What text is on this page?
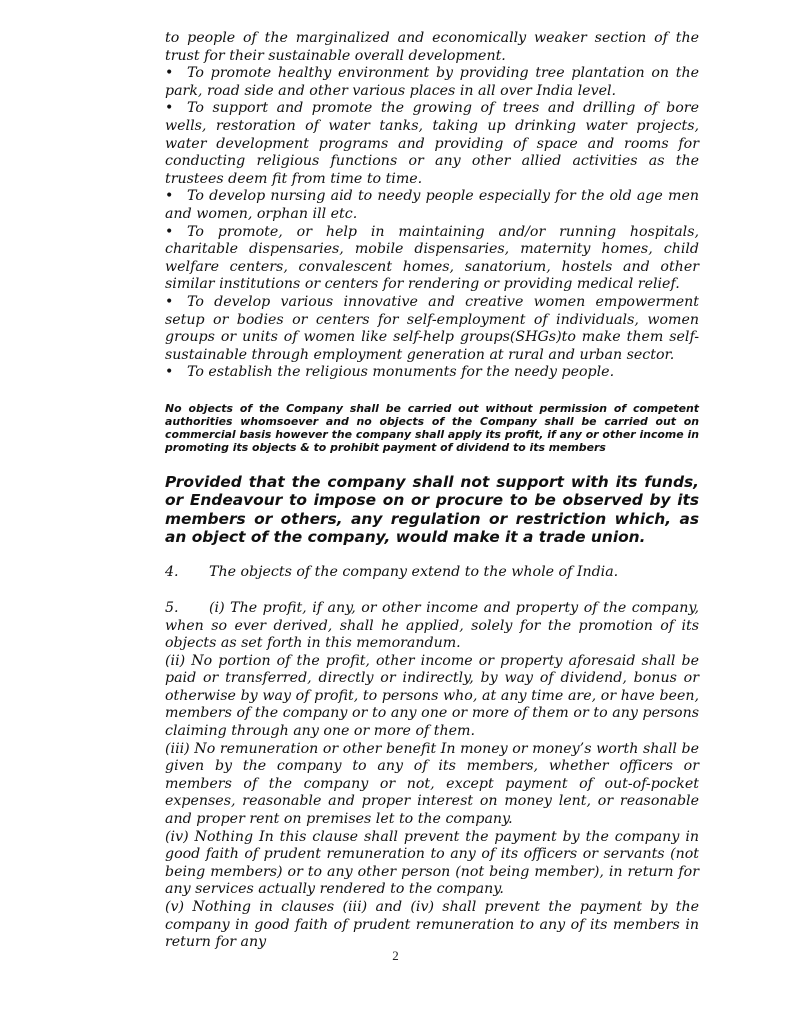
to people of the marginalized and economically weaker section of the trust for their sustainable overall development.

• To promote healthy environment by providing tree plantation on the park, road side and other various places in all over India level.

• To support and promote the growing of trees and drilling of bore wells, restoration of water tanks, taking up drinking water projects, water development programs and providing of space and rooms for conducting religious functions or any other allied activities as the trustees deem fit from time to time.

• To develop nursing aid to needy people especially for the old age men and women, orphan ill etc.

• To promote, or help in maintaining and/or running hospitals, charitable dispensaries, mobile dispensaries, maternity homes, child welfare centers, convalescent homes, sanatorium, hostels and other similar institutions or centers for rendering or providing medical relief.

• To develop various innovative and creative women empowerment setup or bodies or centers for self-employment of individuals, women groups or units of women like self-help groups(SHGs)to make them self-sustainable through employment generation at rural and urban sector.

• To establish the religious monuments for the needy people.

No objects of the Company shall be carried out without permission of competent authorities whomsoever and no objects of the Company shall be carried out on commercial basis however the company shall apply its profit, if any or other income in promoting its objects & to prohibit payment of dividend to its members

Provided that the company shall not support with its funds, or Endeavour to impose on or procure to be observed by its members or others, any regulation or restriction which, as an object of the company, would make it a trade union.

4. The objects of the company extend to the whole of India.

5. (i) The profit, if any, or other income and property of the company, when so ever derived, shall he applied, solely for the promotion of its objects as set forth in this memorandum.

(ii) No portion of the profit, other income or property aforesaid shall be paid or transferred, directly or indirectly, by way of dividend, bonus or otherwise by way of profit, to persons who, at any time are, or have been, members of the company or to any one or more of them or to any persons claiming through any one or more of them.

(iii) No remuneration or other benefit In money or money’s worth shall be given by the company to any of its members, whether officers or members of the company or not, except payment of out-of-pocket expenses, reasonable and proper interest on money lent, or reasonable and proper rent on premises let to the company.

(iv) Nothing In this clause shall prevent the payment by the company in good faith of prudent remuneration to any of its officers or servants (not being members) or to any other person (not being member), in return for any services actually rendered to the company.

(v) Nothing in clauses (iii) and (iv) shall prevent the payment by the company in good faith of prudent remuneration to any of its members in return for any

2
